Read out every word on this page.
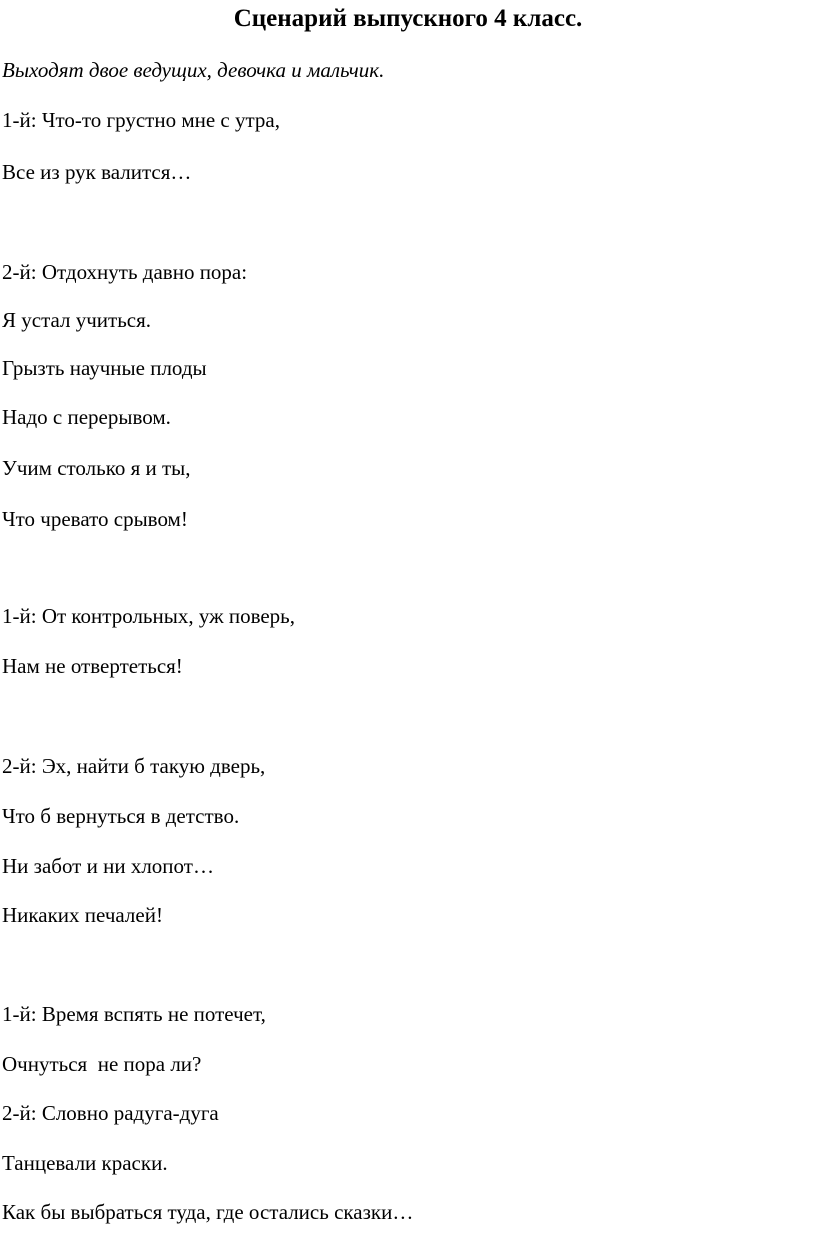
Сценарий выпускного 4 класс.
Выходят двое ведущих, девочка и мальчик.
1-й: Что-то грустно мне с утра,
Все из рук валится…
2-й: Отдохнуть давно пора:
Я устал учиться.
Грызть научные плоды
Надо с перерывом.
Учим столько я и ты,
Что чревато срывом!
1-й: От контрольных, уж поверь,
Нам не отвертеться!
2-й: Эх, найти б такую дверь,
Что б вернуться в детство.
Ни забот и ни хлопот…
Никаких печалей!
1-й: Время вспять не потечет,
Очнуться  не пора ли?
2-й: Словно радуга-дуга
Танцевали краски.
Как бы выбраться туда, где остались сказки…
